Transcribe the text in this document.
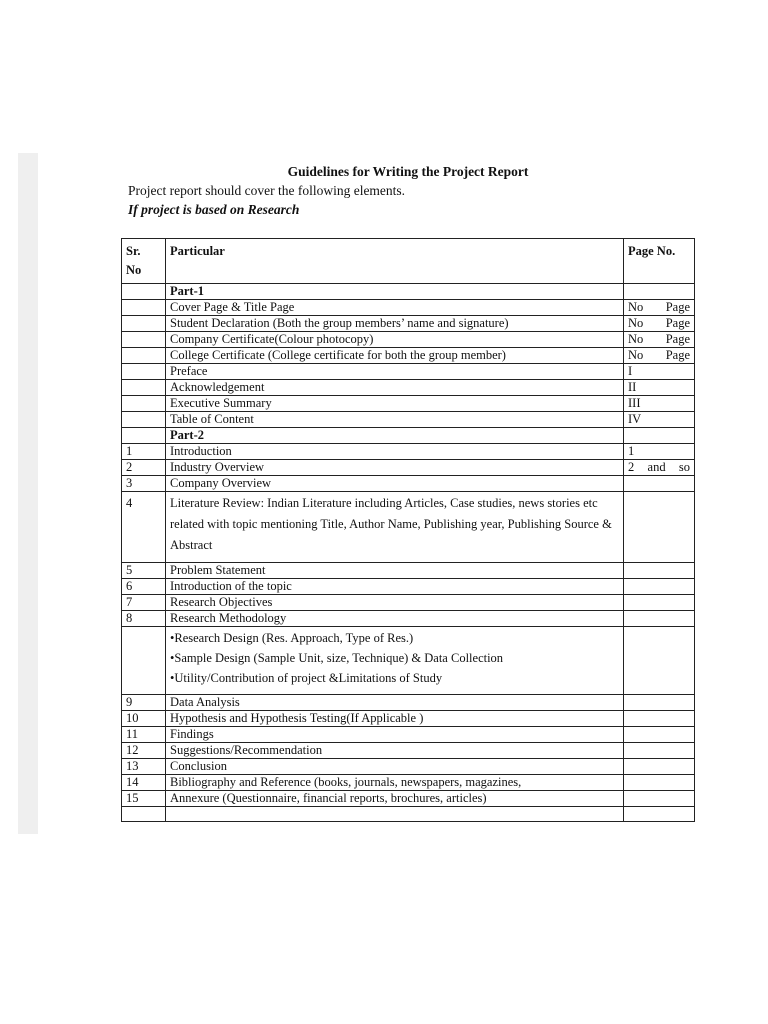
Guidelines for Writing the Project Report
Project report should cover the following elements.
If project is based on Research
Sr.
No	Particular	Page No.
	Part-1	
	Cover Page & Title Page	No Page

	Student Declaration (Both the group members’ name and signature)	No Page

	Company Certificate(Colour photocopy)	No Page

	College Certificate (College certificate for both the group member)	No Page

	Preface	I
	Acknowledgement	II
	Executive Summary	III
	Table of Content	IV
	Part-2	
1	Introduction	1
2	Industry Overview	2 and so

3	Company Overview	
4	Literature Review: Indian Literature including Articles, Case studies, news stories etc related with topic mentioning Title, Author Name, Publishing year, Publishing Source & Abstract	
5	Problem Statement	
6	Introduction of the topic	
7	Research Objectives	
8	Research Methodology	

	•Research Design (Res. Approach, Type of Res.)
•Sample Design (Sample Unit, size, Technique) & Data Collection
•Utility/Contribution of project &Limitations of Study	

9	Data Analysis	
10	Hypothesis and Hypothesis Testing(If Applicable )	
11	Findings	
12	Suggestions/Recommendation	
13	Conclusion	
14	Bibliography and Reference (books, journals, newspapers, magazines,	
15	Annexure (Questionnaire, financial reports, brochures, articles)	
